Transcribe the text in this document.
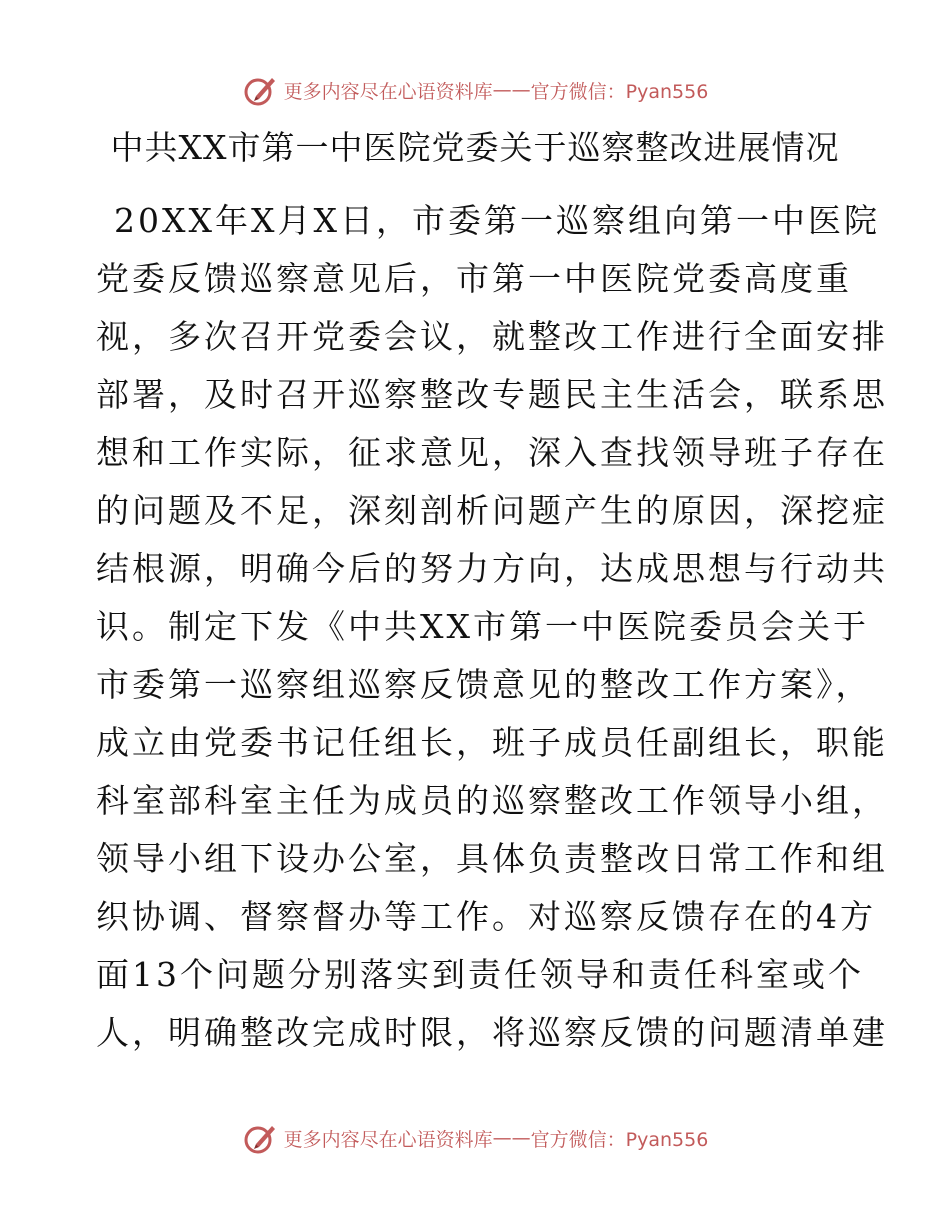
更多内容尽在心语资料库 —— 官方微信：Pyan556
中共XX市第一中医院党委关于巡察整改进展情况
20XX年X月X日，市委第一巡察组向第一中医院
党委反馈巡察意见后，市第一中医院党委高度重
视，多次召开党委会议，就整改工作进行全面安排
部署，及时召开巡察整改专题民主生活会，联系思
想和工作实际，征求意见，深入查找领导班子存在
的问题及不足，深刻剖析问题产生的原因，深挖症
结根源，明确今后的努力方向，达成思想与行动共
识。制定下发《中共XX市第一中医院委员会关于
市委第一巡察组巡察反馈意见的整改工作方案》，
成立由党委书记任组长，班子成员任副组长，职能
科室部科室主任为成员的巡察整改工作领导小组，
领导小组下设办公室，具体负责整改日常工作和组
织协调、督察督办等工作。对巡察反馈存在的4方
面13个问题分别落实到责任领导和责任科室或个
人，明确整改完成时限，将巡察反馈的问题清单建
更多内容尽在心语资料库 —— 官方微信：Pyan556
